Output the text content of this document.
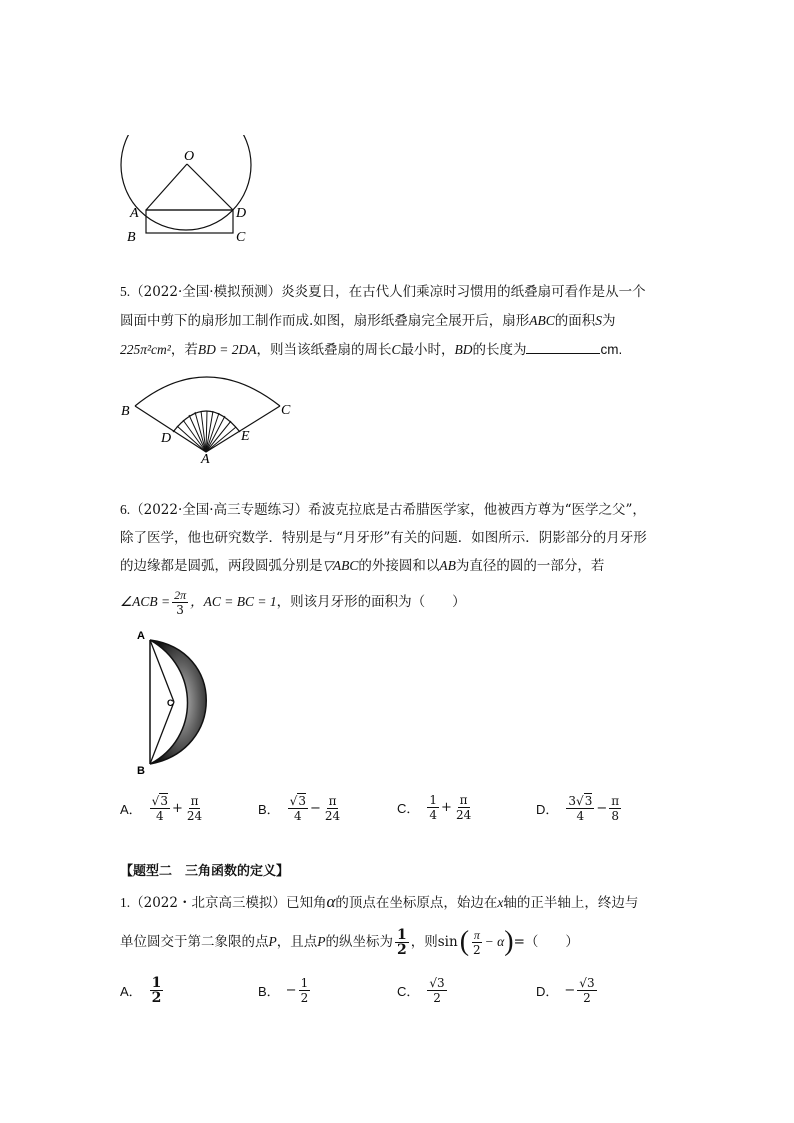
O
A	D
B	C
5.（2022·全国·模拟预测）炎炎夏日，在古代人们乘凉时习惯用的纸叠扇可看作是从一个
圆面中剪下的扇形加工制作而成.如图，扇形纸叠扇完全展开后，扇形ABC的面积S为
225π²cm²，若BD = 2DA，则当该纸叠扇的周长C最小时，BD的长度为	cm.
B	C
D	E
A
6.（2022·全国·高三专题练习）希波克拉底是古希腊医学家，他被西方尊为“医学之父”，
除了医学，他也研究数学．特别是与“月牙形”有关的问题．如图所示．阴影部分的月牙形
的边缘都是圆弧，两段圆弧分别是▽ABC的外接圆和以AB为直径的圆的一部分，若
∠ACB = $\frac{2\pi}{3}$ ，AC = BC = 1 ，则该月牙形的面积为（　　）
A
C
B
A． $\frac{√3}{4} + \frac{\pi}{24}$	B． $\frac{√3}{4} - \frac{\pi}{24}$	C． $\frac{1}{4} + \frac{\pi}{24}$	D． $\frac{3√3}{4} - \frac{\pi}{8}$
【题型二　三角函数的定义】
1.（2022・北京高三模拟）已知角α的顶点在坐标原点，始边在x轴的正半轴上，终边与
单位圆交于第二象限的点 P ，且点 P 的纵坐标为 $\frac{1}{2}$ ，则 sin ( $\frac{\pi}{2} - \alpha$ ) =（　　）
A． $\frac{1}{2}$	B． − $\frac{1}{2}$	C． $\frac{√3}{2}$	D． − $\frac{√3}{2}$
